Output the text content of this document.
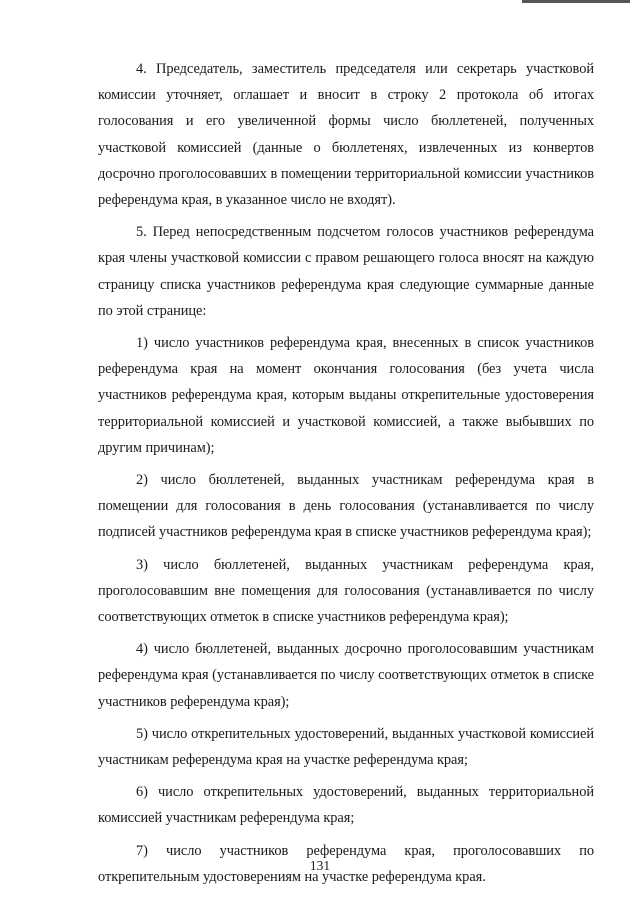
4. Председатель, заместитель председателя или секретарь участковой комиссии уточняет, оглашает и вносит в строку 2 протокола об итогах голосования и его увеличенной формы число бюллетеней, полученных участковой комиссией (данные о бюллетенях, извлеченных из конвертов досрочно проголосовавших в помещении территориальной комиссии участников референдума края, в указанное число не входят).

5. Перед непосредственным подсчетом голосов участников референдума края члены участковой комиссии с правом решающего голоса вносят на каждую страницу списка участников референдума края следующие суммарные данные по этой странице:

1) число участников референдума края, внесенных в список участников референдума края на момент окончания голосования (без учета числа участников референдума края, которым выданы открепительные удостоверения территориальной комиссией и участковой комиссией, а также выбывших по другим причинам);

2) число бюллетеней, выданных участникам референдума края в помещении для голосования в день голосования (устанавливается по числу подписей участников референдума края в списке участников референдума края);

3) число бюллетеней, выданных участникам референдума края, проголосовавшим вне помещения для голосования (устанавливается по числу соответствующих отметок в списке участников референдума края);

4) число бюллетеней, выданных досрочно проголосовавшим участникам референдума края (устанавливается по числу соответствующих отметок в списке участников референдума края);

5) число открепительных удостоверений, выданных участковой комиссией участникам референдума края на участке референдума края;

6) число открепительных удостоверений, выданных территориальной комиссией участникам референдума края;

7) число участников референдума края, проголосовавших по открепительным удостоверениям на участке референдума края.

131
